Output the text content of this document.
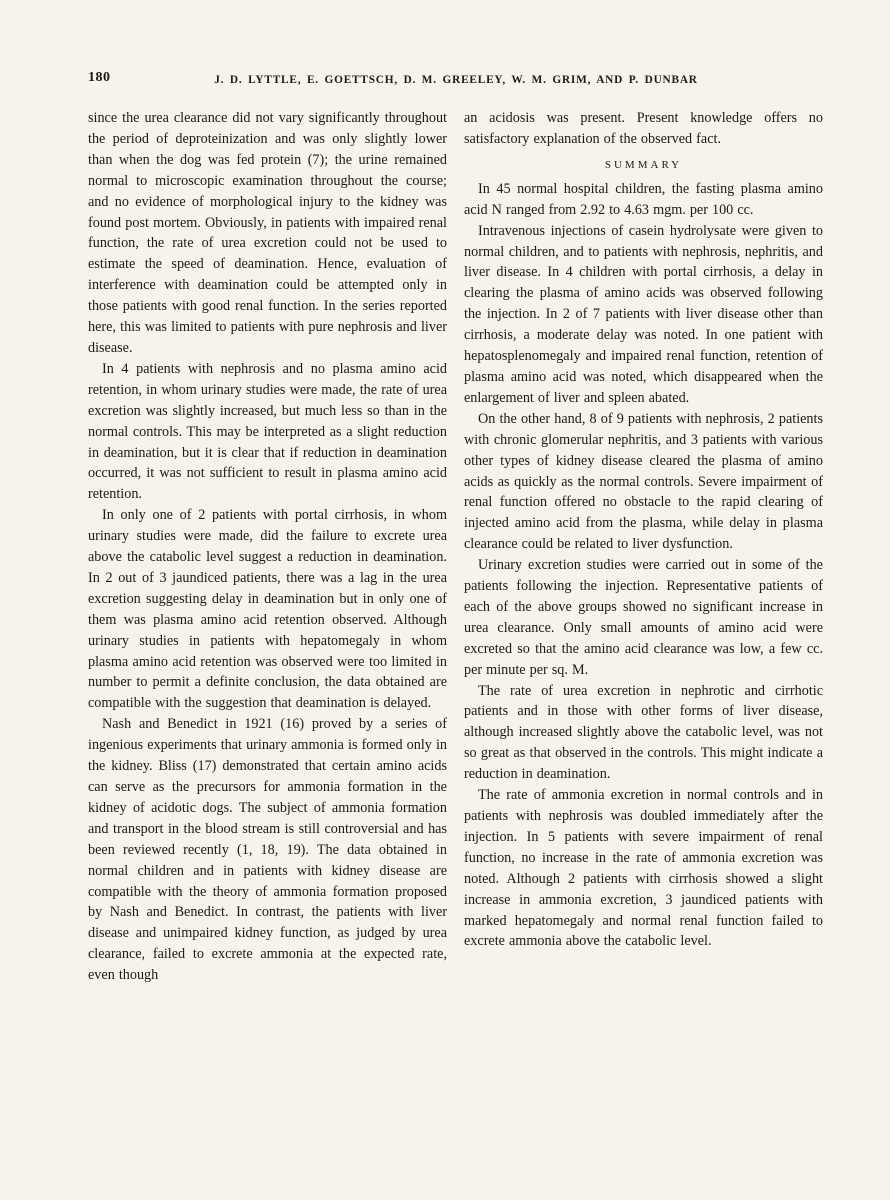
180	J. D. LYTTLE, E. GOETTSCH, D. M. GREELEY, W. M. GRIM, AND P. DUNBAR

since the urea clearance did not vary significantly throughout the period of deproteinization and was only slightly lower than when the dog was fed protein (7); the urine remained normal to microscopic examination throughout the course; and no evidence of morphological injury to the kidney was found post mortem. Obviously, in patients with impaired renal function, the rate of urea excretion could not be used to estimate the speed of deamination. Hence, evaluation of interference with deamination could be attempted only in those patients with good renal function. In the series reported here, this was limited to patients with pure nephrosis and liver disease.

In 4 patients with nephrosis and no plasma amino acid retention, in whom urinary studies were made, the rate of urea excretion was slightly increased, but much less so than in the normal controls. This may be interpreted as a slight reduction in deamination, but it is clear that if reduction in deamination occurred, it was not sufficient to result in plasma amino acid retention.

In only one of 2 patients with portal cirrhosis, in whom urinary studies were made, did the failure to excrete urea above the catabolic level suggest a reduction in deamination. In 2 out of 3 jaundiced patients, there was a lag in the urea excretion suggesting delay in deamination but in only one of them was plasma amino acid retention observed. Although urinary studies in patients with hepatomegaly in whom plasma amino acid retention was observed were too limited in number to permit a definite conclusion, the data obtained are compatible with the suggestion that deamination is delayed.

Nash and Benedict in 1921 (16) proved by a series of ingenious experiments that urinary ammonia is formed only in the kidney. Bliss (17) demonstrated that certain amino acids can serve as the precursors for ammonia formation in the kidney of acidotic dogs. The subject of ammonia formation and transport in the blood stream is still controversial and has been reviewed recently (1, 18, 19). The data obtained in normal children and in patients with kidney disease are compatible with the theory of ammonia formation proposed by Nash and Benedict. In contrast, the patients with liver disease and unimpaired kidney function, as judged by urea clearance, failed to excrete ammonia at the expected rate, even though

an acidosis was present. Present knowledge offers no satisfactory explanation of the observed fact.

SUMMARY

In 45 normal hospital children, the fasting plasma amino acid N ranged from 2.92 to 4.63 mgm. per 100 cc.

Intravenous injections of casein hydrolysate were given to normal children, and to patients with nephrosis, nephritis, and liver disease. In 4 children with portal cirrhosis, a delay in clearing the plasma of amino acids was observed following the injection. In 2 of 7 patients with liver disease other than cirrhosis, a moderate delay was noted. In one patient with hepatosplenomegaly and impaired renal function, retention of plasma amino acid was noted, which disappeared when the enlargement of liver and spleen abated.

On the other hand, 8 of 9 patients with nephrosis, 2 patients with chronic glomerular nephritis, and 3 patients with various other types of kidney disease cleared the plasma of amino acids as quickly as the normal controls. Severe impairment of renal function offered no obstacle to the rapid clearing of injected amino acid from the plasma, while delay in plasma clearance could be related to liver dysfunction.

Urinary excretion studies were carried out in some of the patients following the injection. Representative patients of each of the above groups showed no significant increase in urea clearance. Only small amounts of amino acid were excreted so that the amino acid clearance was low, a few cc. per minute per sq. M.

The rate of urea excretion in nephrotic and cirrhotic patients and in those with other forms of liver disease, although increased slightly above the catabolic level, was not so great as that observed in the controls. This might indicate a reduction in deamination.

The rate of ammonia excretion in normal controls and in patients with nephrosis was doubled immediately after the injection. In 5 patients with severe impairment of renal function, no increase in the rate of ammonia excretion was noted. Although 2 patients with cirrhosis showed a slight increase in ammonia excretion, 3 jaundiced patients with marked hepatomegaly and normal renal function failed to excrete ammonia above the catabolic level.
